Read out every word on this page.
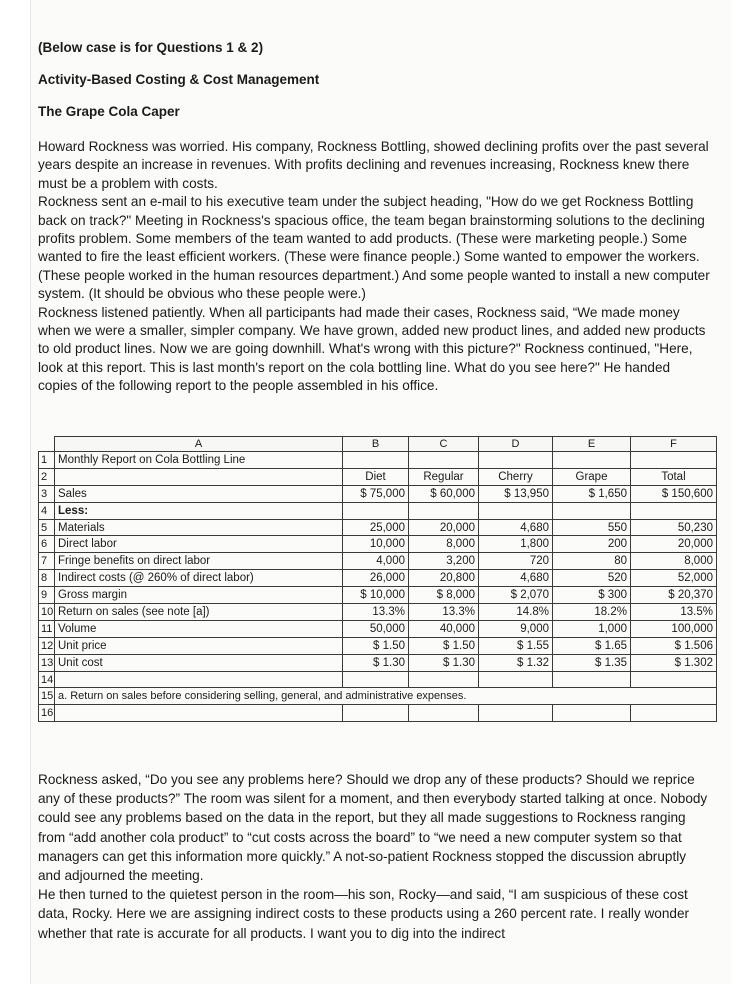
(Below case is for Questions 1 & 2)
Activity-Based Costing & Cost Management
The Grape Cola Caper

Howard Rockness was worried. His company, Rockness Bottling, showed declining profits over the past several years despite an increase in revenues. With profits declining and revenues increasing, Rockness knew there must be a problem with costs.

Rockness sent an e-mail to his executive team under the subject heading, "How do we get Rockness Bottling back on track?" Meeting in Rockness's spacious office, the team began brainstorming solutions to the declining profits problem. Some members of the team wanted to add products. (These were marketing people.) Some wanted to fire the least efficient workers. (These were finance people.) Some wanted to empower the workers. (These people worked in the human resources department.) And some people wanted to install a new computer system. (It should be obvious who these people were.)

Rockness listened patiently. When all participants had made their cases, Rockness said, “We made money when we were a smaller, simpler company. We have grown, added new product lines, and added new products to old product lines. Now we are going downhill. What's wrong with this picture?" Rockness continued, "Here, look at this report. This is last month's report on the cola bottling line. What do you see here?" He handed copies of the following report to the people assembled in his office.

	A	B	C	D	E	F
1	Monthly Report on Cola Bottling Line					
2		Diet	Regular	Cherry	Grape	Total
3	Sales	$ 75,000	$ 60,000	$ 13,950	$ 1,650	$ 150,600
4	Less:					
5	Materials	25,000	20,000	4,680	550	50,230
6	Direct labor	10,000	8,000	1,800	200	20,000
7	Fringe benefits on direct labor	4,000	3,200	720	80	8,000
8	Indirect costs (@ 260% of direct labor)	26,000	20,800	4,680	520	52,000
9	Gross margin	$ 10,000	$ 8,000	$ 2,070	$ 300	$ 20,370
10	Return on sales (see note [a])	13.3%	13.3%	14.8%	18.2%	13.5%
11	Volume	50,000	40,000	9,000	1,000	100,000
12	Unit price	$ 1.50	$ 1.50	$ 1.55	$ 1.65	$ 1.506
13	Unit cost	$ 1.30	$ 1.30	$ 1.32	$ 1.35	$ 1.302
14						
15	a. Return on sales before considering selling, general, and administrative expenses.					
16						

Rockness asked, “Do you see any problems here? Should we drop any of these products? Should we reprice any of these products?” The room was silent for a moment, and then everybody started talking at once. Nobody could see any problems based on the data in the report, but they all made suggestions to Rockness ranging from “add another cola product” to “cut costs across the board” to “we need a new computer system so that managers can get this information more quickly.” A not-so-patient Rockness stopped the discussion abruptly and adjourned the meeting.

He then turned to the quietest person in the room—his son, Rocky—and said, “I am suspicious of these cost data, Rocky. Here we are assigning indirect costs to these products using a 260 percent rate. I really wonder whether that rate is accurate for all products. I want you to dig into the indirect
